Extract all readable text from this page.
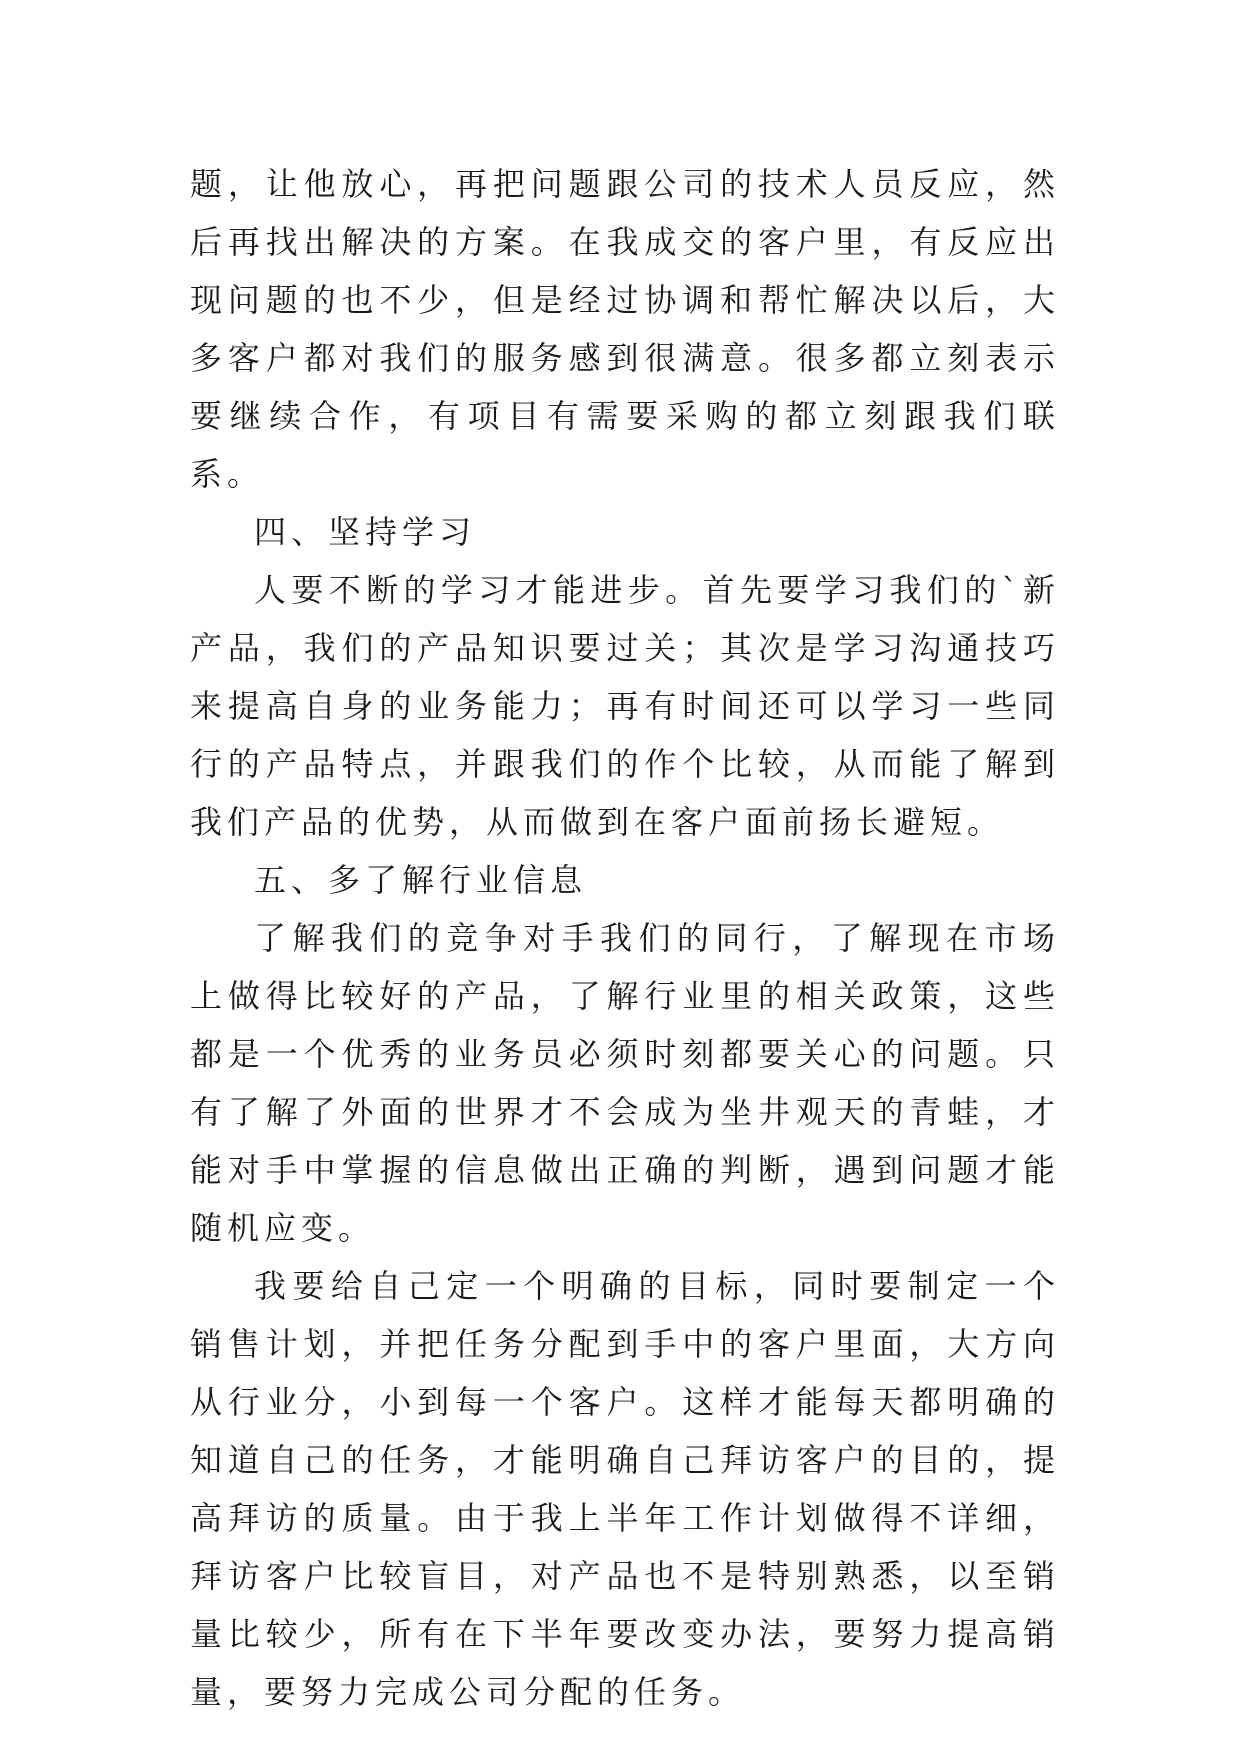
题，让他放心，再把问题跟公司的技术人员反应，然后再找出解决的方案。在我成交的客户里，有反应出现问题的也不少，但是经过协调和帮忙解决以后，大多客户都对我们的服务感到很满意。很多都立刻表示要继续合作，有项目有需要采购的都立刻跟我们联系。

四、坚持学习

人要不断的学习才能进步。首先要学习我们的`新产品，我们的产品知识要过关；其次是学习沟通技巧来提高自身的业务能力；再有时间还可以学习一些同行的产品特点，并跟我们的作个比较，从而能了解到我们产品的优势，从而做到在客户面前扬长避短。

五、多了解行业信息

了解我们的竞争对手我们的同行，了解现在市场上做得比较好的产品，了解行业里的相关政策，这些都是一个优秀的业务员必须时刻都要关心的问题。只有了解了外面的世界才不会成为坐井观天的青蛙，才能对手中掌握的信息做出正确的判断，遇到问题才能随机应变。

我要给自己定一个明确的目标，同时要制定一个销售计划，并把任务分配到手中的客户里面，大方向从行业分，小到每一个客户。这样才能每天都明确的知道自己的任务，才能明确自己拜访客户的目的，提高拜访的质量。由于我上半年工作计划做得不详细，拜访客户比较盲目，对产品也不是特别熟悉，以至销量比较少，所有在下半年要改变办法，要努力提高销量，要努力完成公司分配的任务。
